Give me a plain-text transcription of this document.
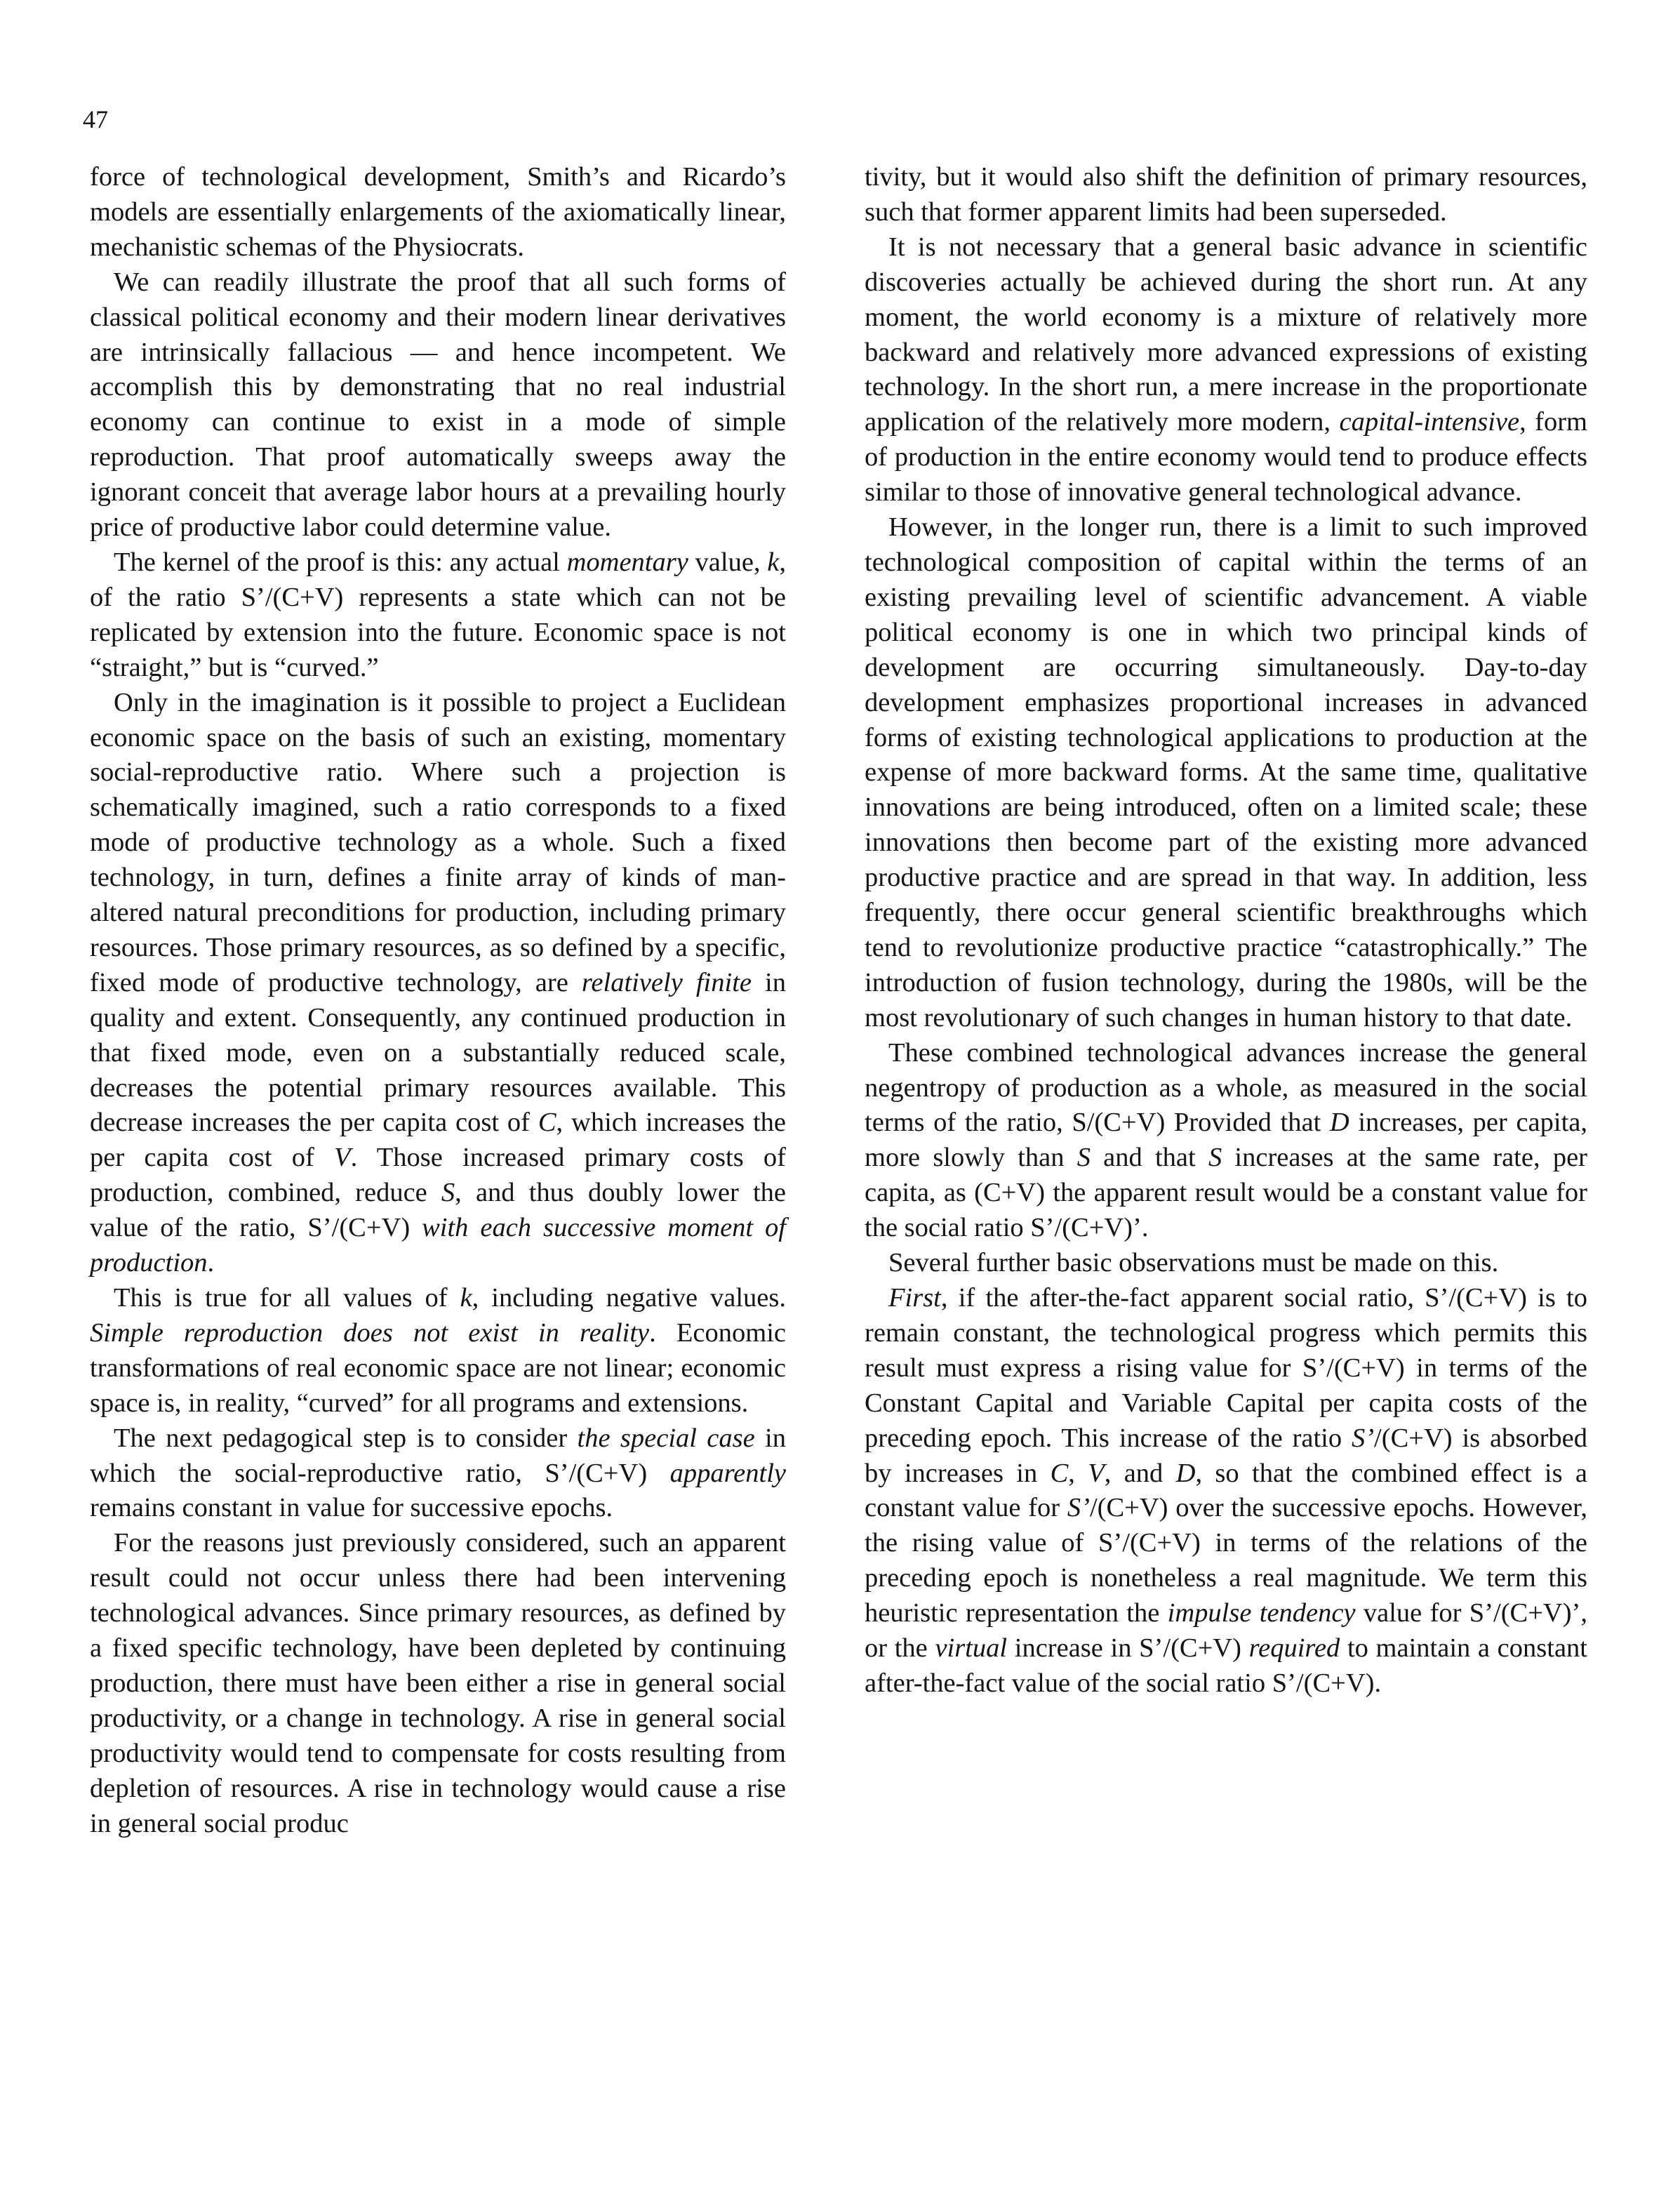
47

force of technological development, Smith’s and Ricardo’s models are essentially enlargements of the axiomatically linear, mechanistic schemas of the Physiocrats.

We can readily illustrate the proof that all such forms of classical political economy and their modern linear derivatives are intrinsically fallacious — and hence incompetent. We accomplish this by demonstrating that no real industrial economy can continue to exist in a mode of simple reproduction. That proof automatically sweeps away the ignorant conceit that average labor hours at a prevailing hourly price of productive labor could determine value.

The kernel of the proof is this: any actual momentary value, k, of the ratio S’/(C+V) represents a state which can not be replicated by extension into the future. Economic space is not “straight,” but is “curved.”

Only in the imagination is it possible to project a Euclidean economic space on the basis of such an existing, momentary social-reproductive ratio. Where such a projection is schematically imagined, such a ratio corresponds to a fixed mode of productive technology as a whole. Such a fixed technology, in turn, defines a finite array of kinds of man-altered natural preconditions for production, including primary resources. Those primary resources, as so defined by a specific, fixed mode of productive technology, are relatively finite in quality and extent. Consequently, any continued production in that fixed mode, even on a substantially reduced scale, decreases the potential primary resources available. This decrease increases the per capita cost of C, which increases the per capita cost of V. Those increased primary costs of production, combined, reduce S, and thus doubly lower the value of the ratio, S’/(C+V) with each successive moment of production.

This is true for all values of k, including negative values. Simple reproduction does not exist in reality. Economic transformations of real economic space are not linear; economic space is, in reality, “curved” for all programs and extensions.

The next pedagogical step is to consider the special case in which the social-reproductive ratio, S’/(C+V) apparently remains constant in value for successive epochs.

For the reasons just previously considered, such an apparent result could not occur unless there had been intervening technological advances. Since primary resources, as defined by a fixed specific technology, have been depleted by continuing production, there must have been either a rise in general social productivity, or a change in technology. A rise in general social productivity would tend to compensate for costs resulting from depletion of resources. A rise in technology would cause a rise in general social produc

tivity, but it would also shift the definition of primary resources, such that former apparent limits had been superseded.

It is not necessary that a general basic advance in scientific discoveries actually be achieved during the short run. At any moment, the world economy is a mixture of relatively more backward and relatively more advanced expressions of existing technology. In the short run, a mere increase in the proportionate application of the relatively more modern, capital-intensive, form of production in the entire economy would tend to produce effects similar to those of innovative general technological advance.

However, in the longer run, there is a limit to such improved technological composition of capital within the terms of an existing prevailing level of scientific advancement. A viable political economy is one in which two principal kinds of development are occurring simultaneously. Day-to-day development emphasizes proportional increases in advanced forms of existing technological applications to production at the expense of more backward forms. At the same time, qualitative innovations are being introduced, often on a limited scale; these innovations then become part of the existing more advanced productive practice and are spread in that way. In addition, less frequently, there occur general scientific breakthroughs which tend to revolutionize productive practice “catastrophically.” The introduction of fusion technology, during the 1980s, will be the most revolutionary of such changes in human history to that date.

These combined technological advances increase the general negentropy of production as a whole, as measured in the social terms of the ratio, S/(C+V) Provided that D increases, per capita, more slowly than S and that S increases at the same rate, per capita, as (C+V) the apparent result would be a constant value for the social ratio S’/(C+V)’.

Several further basic observations must be made on this.

First, if the after-the-fact apparent social ratio, S’/(C+V) is to remain constant, the technological progress which permits this result must express a rising value for S’/(C+V) in terms of the Constant Capital and Variable Capital per capita costs of the preceding epoch. This increase of the ratio S’/(C+V) is absorbed by increases in C, V, and D, so that the combined effect is a constant value for S’/(C+V) over the successive epochs. However, the rising value of S’/(C+V) in terms of the relations of the preceding epoch is nonetheless a real magnitude. We term this heuristic representation the impulse tendency value for S’/(C+V)’, or the virtual increase in S’/(C+V) required to maintain a constant after-the-fact value of the social ratio S’/(C+V).
